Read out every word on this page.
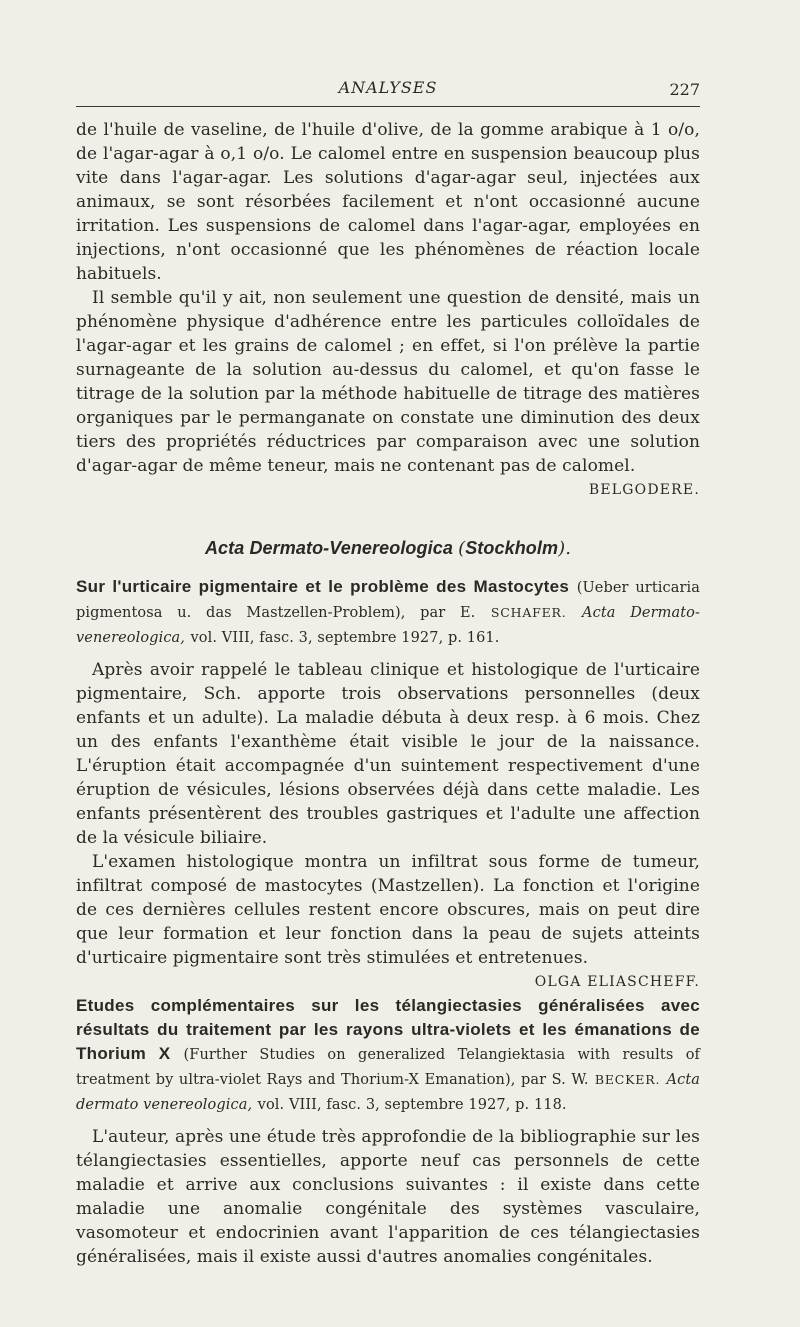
ANALYSES	227

de l'huile de vaseline, de l'huile d'olive, de la gomme arabique à 1 o/o, de l'agar-agar à o,1 o/o. Le calomel entre en suspension beaucoup plus vite dans l'agar-agar. Les solutions d'agar-agar seul, injectées aux animaux, se sont résorbées facilement et n'ont occasionné aucune irritation. Les suspensions de calomel dans l'agar-agar, employées en injections, n'ont occasionné que les phénomènes de réaction locale habituels.

Il semble qu'il y ait, non seulement une question de densité, mais un phénomène physique d'adhérence entre les particules colloïdales de l'agar-agar et les grains de calomel ; en effet, si l'on prélève la partie surnageante de la solution au-dessus du calomel, et qu'on fasse le titrage de la solution par la méthode habituelle de titrage des matières organiques par le permanganate on constate une diminution des deux tiers des propriétés réductrices par comparaison avec une solution d'agar-agar de même teneur, mais ne contenant pas de calomel.

BELGODERE.

Acta Dermato-Venereologica (Stockholm).

Sur l'urticaire pigmentaire et le problème des Mastocytes (Ueber urticaria pigmentosa u. das Mastzellen-Problem), par E. SCHAFER. Acta Dermato-venereologica, vol. VIII, fasc. 3, septembre 1927, p. 161.

Après avoir rappelé le tableau clinique et histologique de l'urticaire pigmentaire, Sch. apporte trois observations personnelles (deux enfants et un adulte). La maladie débuta à deux resp. à 6 mois. Chez un des enfants l'exanthème était visible le jour de la naissance. L'éruption était accompagnée d'un suintement respectivement d'une éruption de vésicules, lésions observées déjà dans cette maladie. Les enfants présentèrent des troubles gastriques et l'adulte une affection de la vésicule biliaire.

L'examen histologique montra un infiltrat sous forme de tumeur, infiltrat composé de mastocytes (Mastzellen). La fonction et l'origine de ces dernières cellules restent encore obscures, mais on peut dire que leur formation et leur fonction dans la peau de sujets atteints d'urticaire pigmentaire sont très stimulées et entretenues.

OLGA ELIASCHEFF.

Etudes complémentaires sur les télangiectasies généralisées avec résultats du traitement par les rayons ultra-violets et les émanations de Thorium X (Further Studies on generalized Telangiektasia with results of treatment by ultra-violet Rays and Thorium-X Emanation), par S. W. BECKER. Acta dermato venereologica, vol. VIII, fasc. 3, septembre 1927, p. 118.

L'auteur, après une étude très approfondie de la bibliographie sur les télangiectasies essentielles, apporte neuf cas personnels de cette maladie et arrive aux conclusions suivantes : il existe dans cette maladie une anomalie congénitale des systèmes vasculaire, vasomoteur et endocrinien avant l'apparition de ces télangiectasies généralisées, mais il existe aussi d'autres anomalies congénitales.
